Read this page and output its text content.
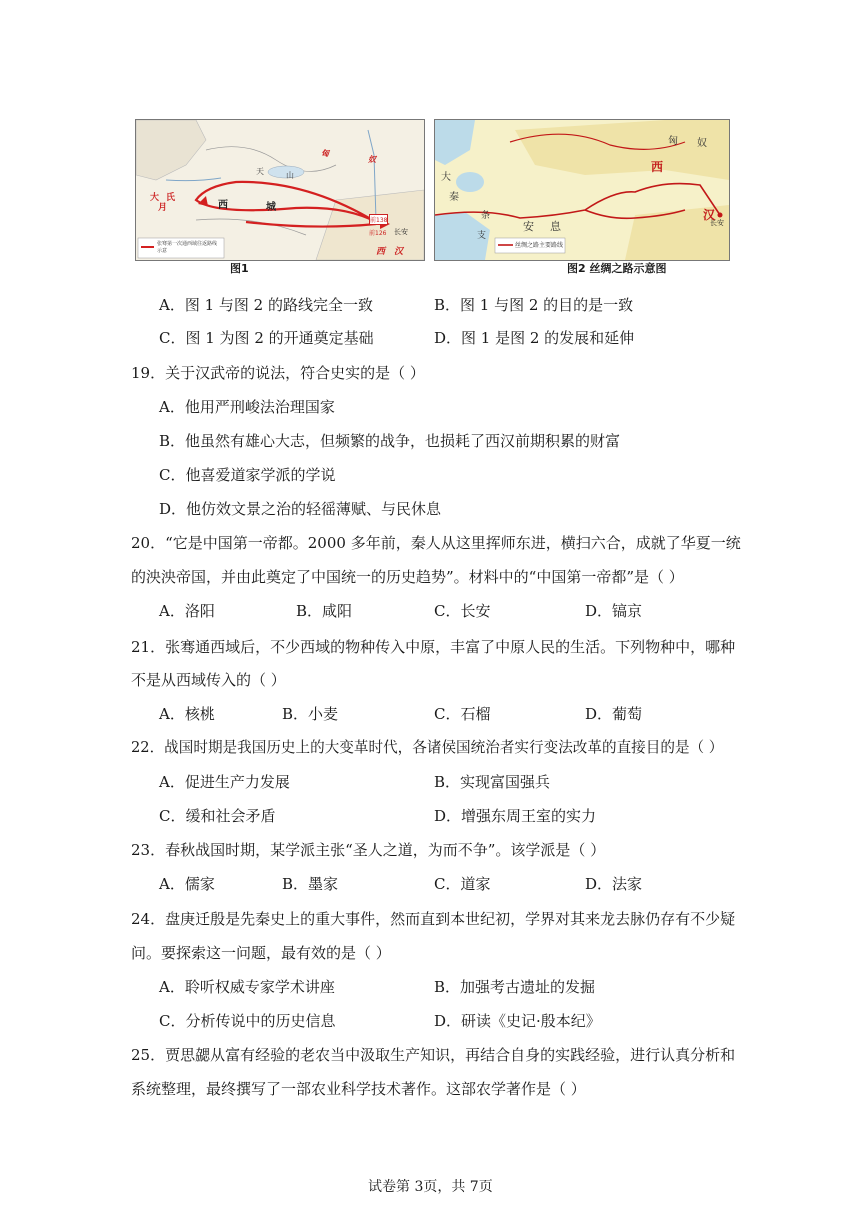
匈
奴
天	山
大
月
氏
西	城
前138
前126 长安
西 汉
张骞第一次通西域往返路线示意
图1
匈 奴
西
汉
长安
大
秦
条
支
安 息
丝绸之路主要路线
图2 丝绸之路示意图
A．图 1 与图 2 的路线完全一致	B．图 1 与图 2 的目的是一致
C．图 1 为图 2 的开通奠定基础	D．图 1 是图 2 的发展和延伸
19．关于汉武帝的说法，符合史实的是（ ）
A．他用严刑峻法治理国家
B．他虽然有雄心大志，但频繁的战争，也损耗了西汉前期积累的财富
C．他喜爱道家学派的学说
D．他仿效文景之治的轻徭薄赋、与民休息
20．“它是中国第一帝都。2000 多年前，秦人从这里挥师东进，横扫六合，成就了华夏一统
的泱泱帝国，并由此奠定了中国统一的历史趋势”。材料中的“中国第一帝都”是（ ）
A．洛阳	B．咸阳	C．长安	D．镐京
21．张骞通西域后，不少西域的物种传入中原，丰富了中原人民的生活。下列物种中，哪种
不是从西域传入的（ ）
A．核桃	B．小麦	C．石榴	D．葡萄
22．战国时期是我国历史上的大变革时代，各诸侯国统治者实行变法改革的直接目的是（ ）
A．促进生产力发展	B．实现富国强兵
C．缓和社会矛盾	D．增强东周王室的实力
23．春秋战国时期，某学派主张“圣人之道，为而不争”。该学派是（ ）
A．儒家	B．墨家	C．道家	D．法家
24．盘庚迁殷是先秦史上的重大事件，然而直到本世纪初，学界对其来龙去脉仍存有不少疑
问。要探索这一问题，最有效的是（ ）
A．聆听权威专家学术讲座	B．加强考古遗址的发掘
C．分析传说中的历史信息	D．研读《史记·殷本纪》
25．贾思勰从富有经验的老农当中汲取生产知识，再结合自身的实践经验，进行认真分析和
系统整理，最终撰写了一部农业科学技术著作。这部农学著作是（ ）
试卷第 3页，共 7页
